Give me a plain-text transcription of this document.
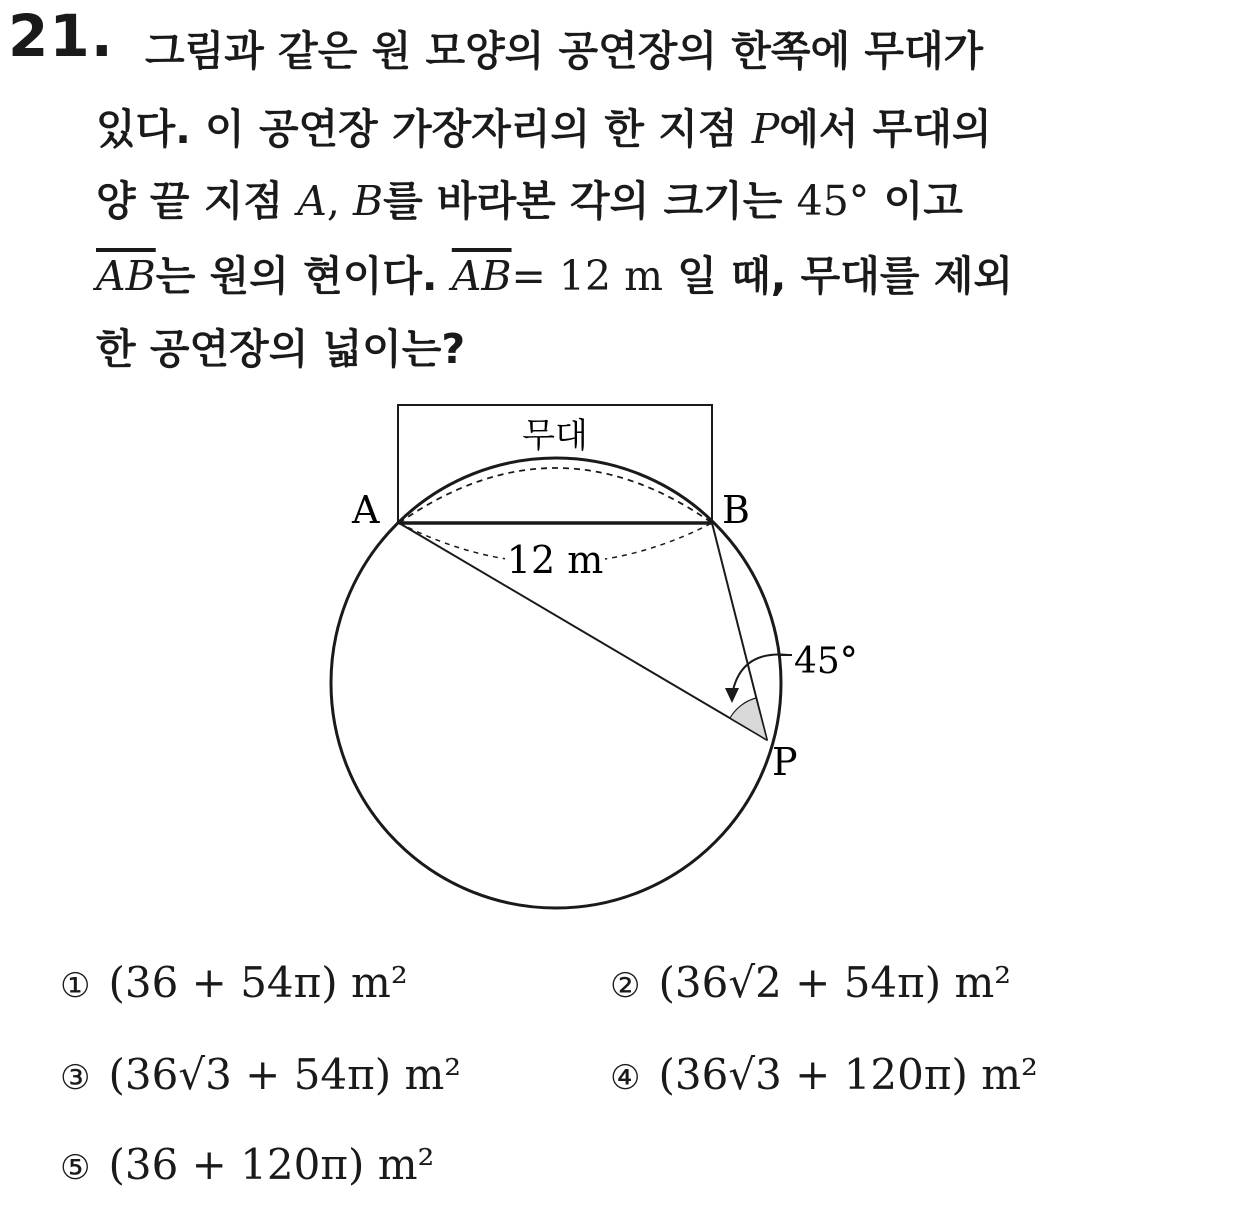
21. 그림과 같은 원 모양의 공연장의 한쪽에 무대가
있다. 이 공연장 가장자리의 한 지점 P에서 무대의
양 끝 지점 A, B를 바라본 각의 크기는 45° 이고
$\overline{AB}$는 원의 현이다. $\overline{AB}= 12$ m 일 때, 무대를 제외
한 공연장의 넓이는?
무대
12 m
45°
A	B
P
① (36 + 54π) m²	② (36√2 + 54π) m²
③ (36√3 + 54π) m²	④ (36√3 + 120π) m²
⑤ (36 + 120π) m²
